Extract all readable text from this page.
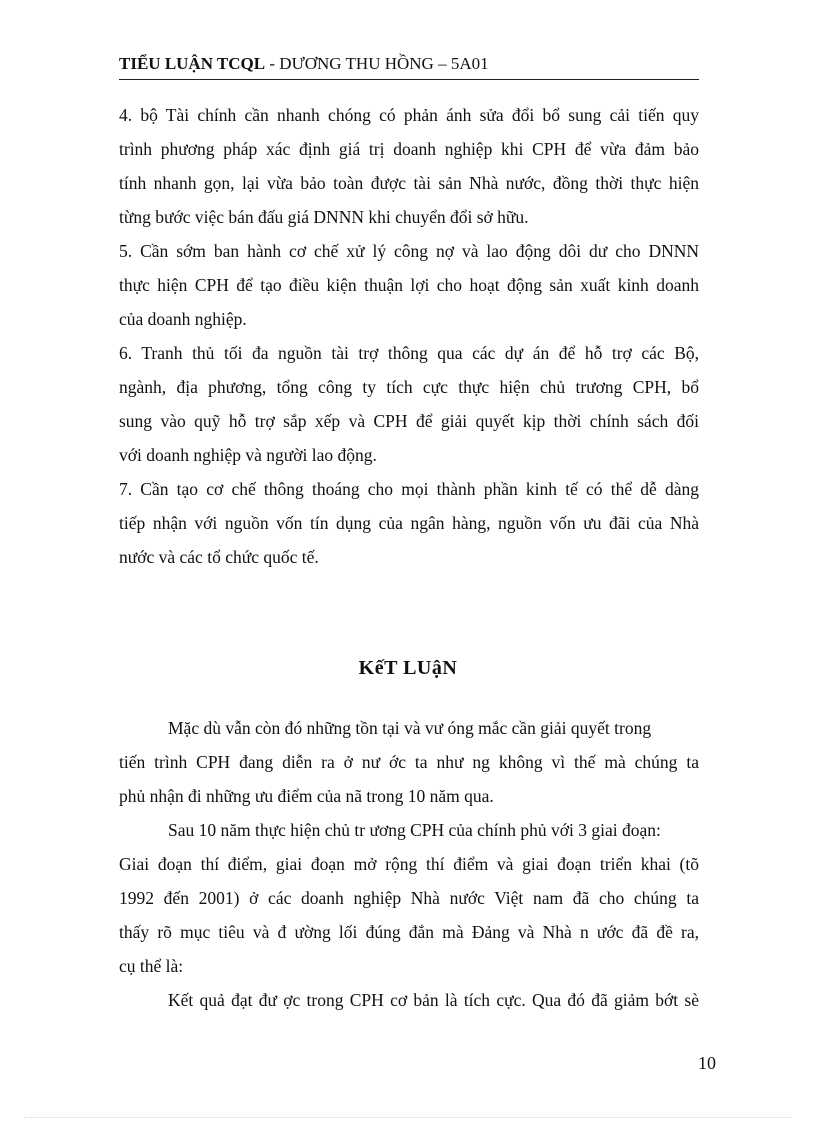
TIỂU LUẬN TCQL - DƯƠNG THU HỒNG – 5A01
4. bộ Tài chính cần nhanh chóng có phản ánh sửa đổi bổ sung cải tiến quy
trình phương pháp xác định giá trị doanh nghiệp khi CPH để vừa đảm bảo
tính nhanh gọn, lại vừa bảo toàn được tài sản Nhà nước, đồng thời thực hiện
từng bước việc bán đấu giá DNNN khi chuyển đổi sở hữu.
5. Cần sớm ban hành cơ chế xử lý công nợ và lao động dôi dư cho DNNN
thực hiện CPH để tạo điều kiện thuận lợi cho hoạt động sản xuất kinh doanh
của doanh nghiệp.
6. Tranh thủ tối đa nguồn tài trợ thông qua các dự án để hỗ trợ các Bộ,
ngành, địa phương, tổng công ty tích cực thực hiện chủ trương CPH, bổ
sung vào quỹ hỗ trợ sắp xếp và CPH để giải quyết kịp thời chính sách đối
với doanh nghiệp và người lao động.
7. Cần tạo cơ chế thông thoáng cho mọi thành phần kinh tế có thể dễ dàng
tiếp nhận với nguồn vốn tín dụng của ngân hàng, nguồn vốn ưu đãi của Nhà
nước và các tổ chức quốc tế.
KếT LUậN
Mặc dù vẫn còn đó những tồn tại và vư óng mắc cần giải quyết trong
tiến trình CPH đang diễn ra ở nư ớc ta như ng không vì thế mà chúng ta
phủ nhận đi những ưu điểm của nã trong 10 năm qua.
Sau 10 năm thực hiện chủ tr ương CPH của chính phủ với 3 giai đoạn:
Giai đoạn thí điểm, giai đoạn mở rộng thí điểm và giai đoạn triển khai (tõ
1992 đến 2001) ở các doanh nghiệp Nhà nước Việt nam đã cho chúng ta
thấy rõ mục tiêu và đ ường lối đúng đắn mà Đảng và Nhà n ước đã đề ra,
cụ thể là:
Kết quả đạt đư ợc trong CPH cơ bản là tích cực. Qua đó đã giảm bớt sè
10
